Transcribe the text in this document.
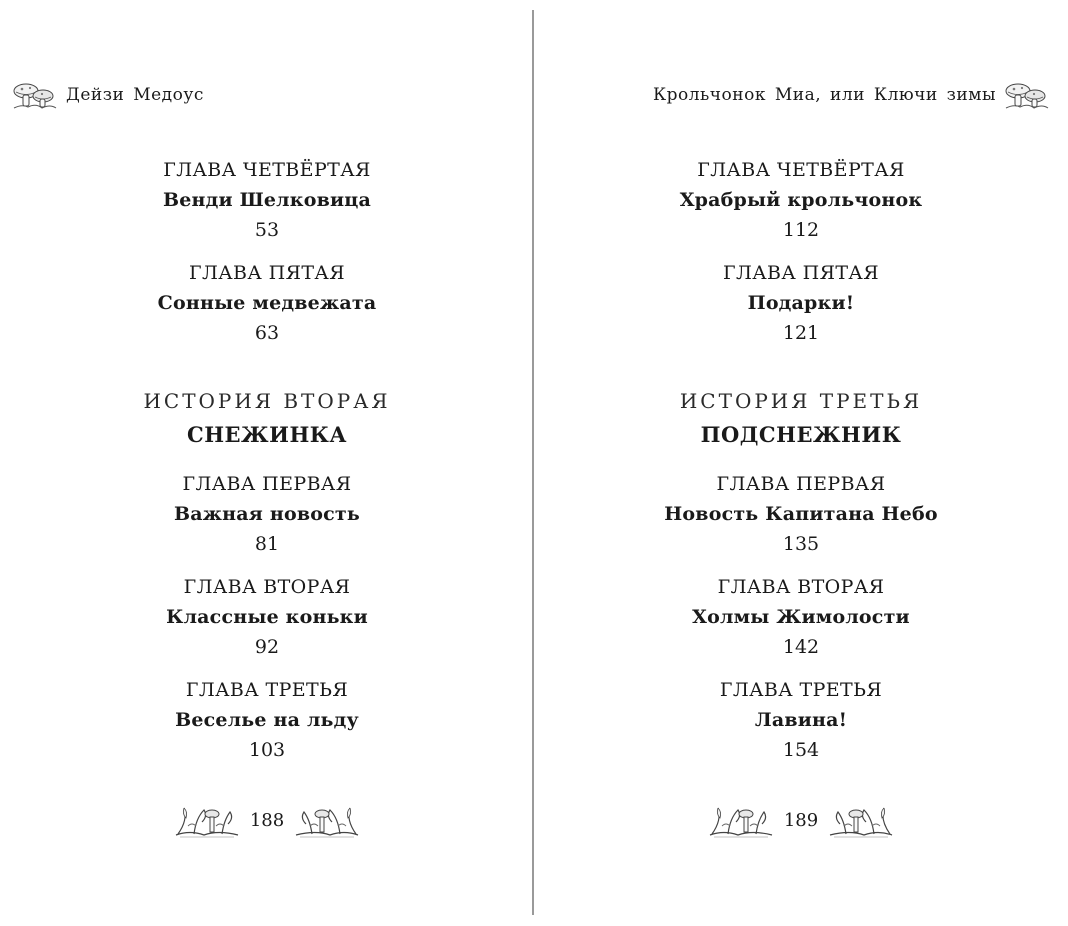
Дейзи Медоус
ГЛАВА ЧЕТВЁРТАЯ
Венди Шелковица
53
ГЛАВА ПЯТАЯ
Сонные медвежата
63
ИСТОРИЯ ВТОРАЯ
СНЕЖИНКА
ГЛАВА ПЕРВАЯ
Важная новость
81
ГЛАВА ВТОРАЯ
Классные коньки
92
ГЛАВА ТРЕТЬЯ
Веселье на льду
103
188
Крольчонок Миа, или Ключи зимы
ГЛАВА ЧЕТВЁРТАЯ
Храбрый крольчонок
112
ГЛАВА ПЯТАЯ
Подарки!
121
ИСТОРИЯ ТРЕТЬЯ
ПОДСНЕЖНИК
ГЛАВА ПЕРВАЯ
Новость Капитана Небо
135
ГЛАВА ВТОРАЯ
Холмы Жимолости
142
ГЛАВА ТРЕТЬЯ
Лавина!
154
189
